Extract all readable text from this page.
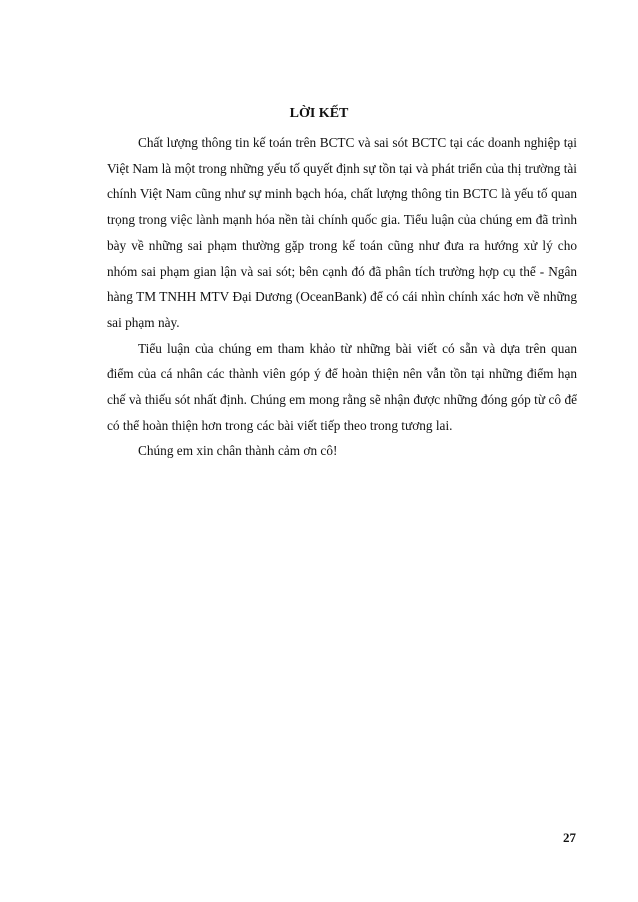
LỜI KẾT

Chất lượng thông tin kế toán trên BCTC và sai sót BCTC tại các doanh nghiệp tại Việt Nam là một trong những yếu tố quyết định sự tồn tại và phát triển của thị trường tài chính Việt Nam cũng như sự minh bạch hóa, chất lượng thông tin BCTC là yếu tố quan trọng trong việc lành mạnh hóa nền tài chính quốc gia. Tiểu luận của chúng em đã trình bày về những sai phạm thường gặp trong kế toán cũng như đưa ra hướng xử lý cho nhóm sai phạm gian lận và sai sót; bên cạnh đó đã phân tích trường hợp cụ thể - Ngân hàng TM TNHH MTV Đại Dương (OceanBank) để có cái nhìn chính xác hơn về những sai phạm này.

Tiểu luận của chúng em tham khảo từ những bài viết có sẵn và dựa trên quan điểm của cá nhân các thành viên góp ý để hoàn thiện nên vẫn tồn tại những điểm hạn chế và thiếu sót nhất định. Chúng em mong rằng sẽ nhận được những đóng góp từ cô để có thể hoàn thiện hơn trong các bài viết tiếp theo trong tương lai.

Chúng em xin chân thành cảm ơn cô!

27
